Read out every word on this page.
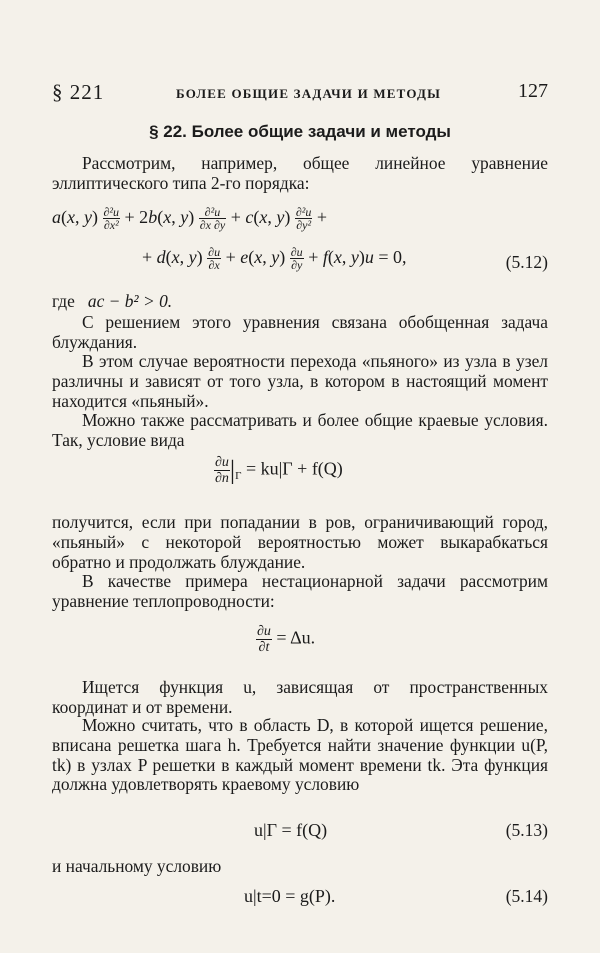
§ 221	БОЛЕЕ ОБЩИЕ ЗАДАЧИ И МЕТОДЫ	127
§ 22. Более общие задачи и методы
Рассмотрим, например, общее линейное уравнение эллиптического типа 2-го порядка:
a(x, $y) \frac{\text{∂²u}}{\text{∂x²}} + 2b(x$, $y) \frac{\text{∂²u}}{\partial x \partial y} + c(x$, $y) \frac{\text{∂²u}}{\text{∂y²}}$ +
+ d(x, $y) \frac{\partial u}{\partial x} + e(x$, $y) \frac{\partial u}{\partial y} + f(x$, y)u = 0,	(5.12)
где ac − b² > 0.
С решением этого уравнения связана обобщенная задача блуждания.
В этом случае вероятности перехода «пьяного» из узла в узел различны и зависят от того узла, в котором в настоящий момент находится «пьяный».
Можно также рассматривать и более общие краевые условия. Так, условие вида
$\frac{\partial u}{\partial n} |_\Gamma = ku|\Gamma + f(Q)$
получится, если при попадании в ров, ограничивающий город, «пьяный» с некоторой вероятностью может выкарабкаться обратно и продолжать блуждание.
В качестве примера нестационарной задачи рассмотрим уравнение теплопроводности:
$\frac{\partial u}{\partial t} = \Delta u$.
Ищется функция u, зависящая от пространственных координат и от времени.
Можно считать, что в область D, в которой ищется решение, вписана решетка шага h. Требуется найти значение функции u(P, tk) в узлах P решетки в каждый момент времени tk. Эта функция должна удовлетворять краевому условию
u|Γ = f(Q)	(5.13)
и начальному условию
u|t=0 = g(P).	(5.14)
